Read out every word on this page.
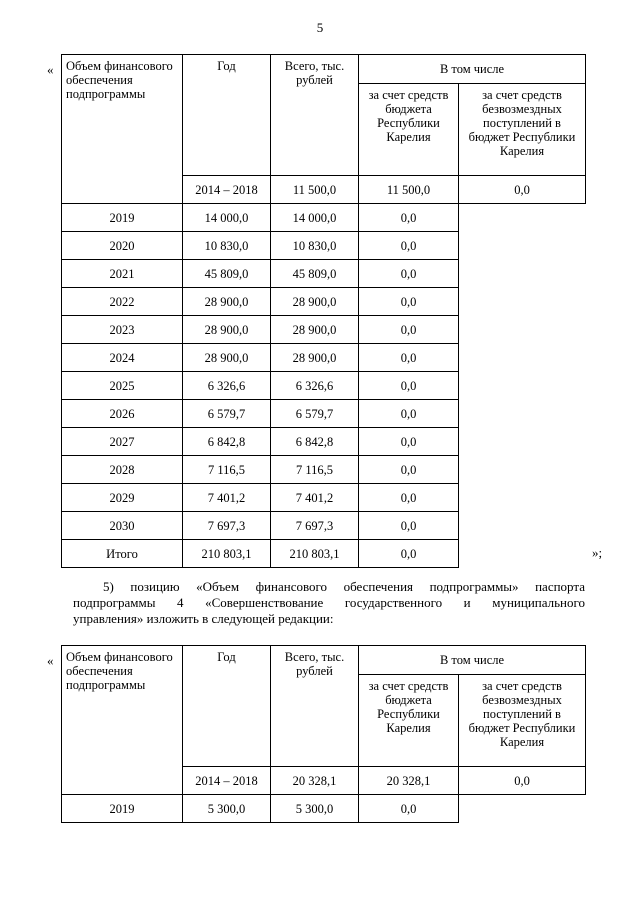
5
« Объем финансового обеспечения подпрограммы	Год	Всего, тыс. рублей	В том числе	
			за счет средств бюджета Республики Карелия	за счет средств безвозмездных поступлений в бюджет Республики Карелия
	2014 – 2018	11 500,0	11 500,0	0,0
2019	14 000,0	14 000,0	0,0	
2020	10 830,0	10 830,0	0,0	
2021	45 809,0	45 809,0	0,0	
2022	28 900,0	28 900,0	0,0	
2023	28 900,0	28 900,0	0,0	
2024	28 900,0	28 900,0	0,0	
2025	6 326,6	6 326,6	0,0	
2026	6 579,7	6 579,7	0,0	
2027	6 842,8	6 842,8	0,0	
2028	7 116,5	7 116,5	0,0	
2029	7 401,2	7 401,2	0,0	
2030	7 697,3	7 697,3	0,0	
Итого	210 803,1	210 803,1	0,0		»;
5) позицию «Объем финансового обеспечения подпрограммы» паспорта
подпрограммы 4 «Совершенствование государственного и муниципального
управления» изложить в следующей редакции:
« Объем финансового обеспечения подпрограммы	Год	Всего, тыс. рублей	В том числе	
			за счет средств бюджета Республики Карелия	за счет средств безвозмездных поступлений в бюджет Республики Карелия
	2014 – 2018	20 328,1	20 328,1	0,0
2019	5 300,0	5 300,0	0,0	
